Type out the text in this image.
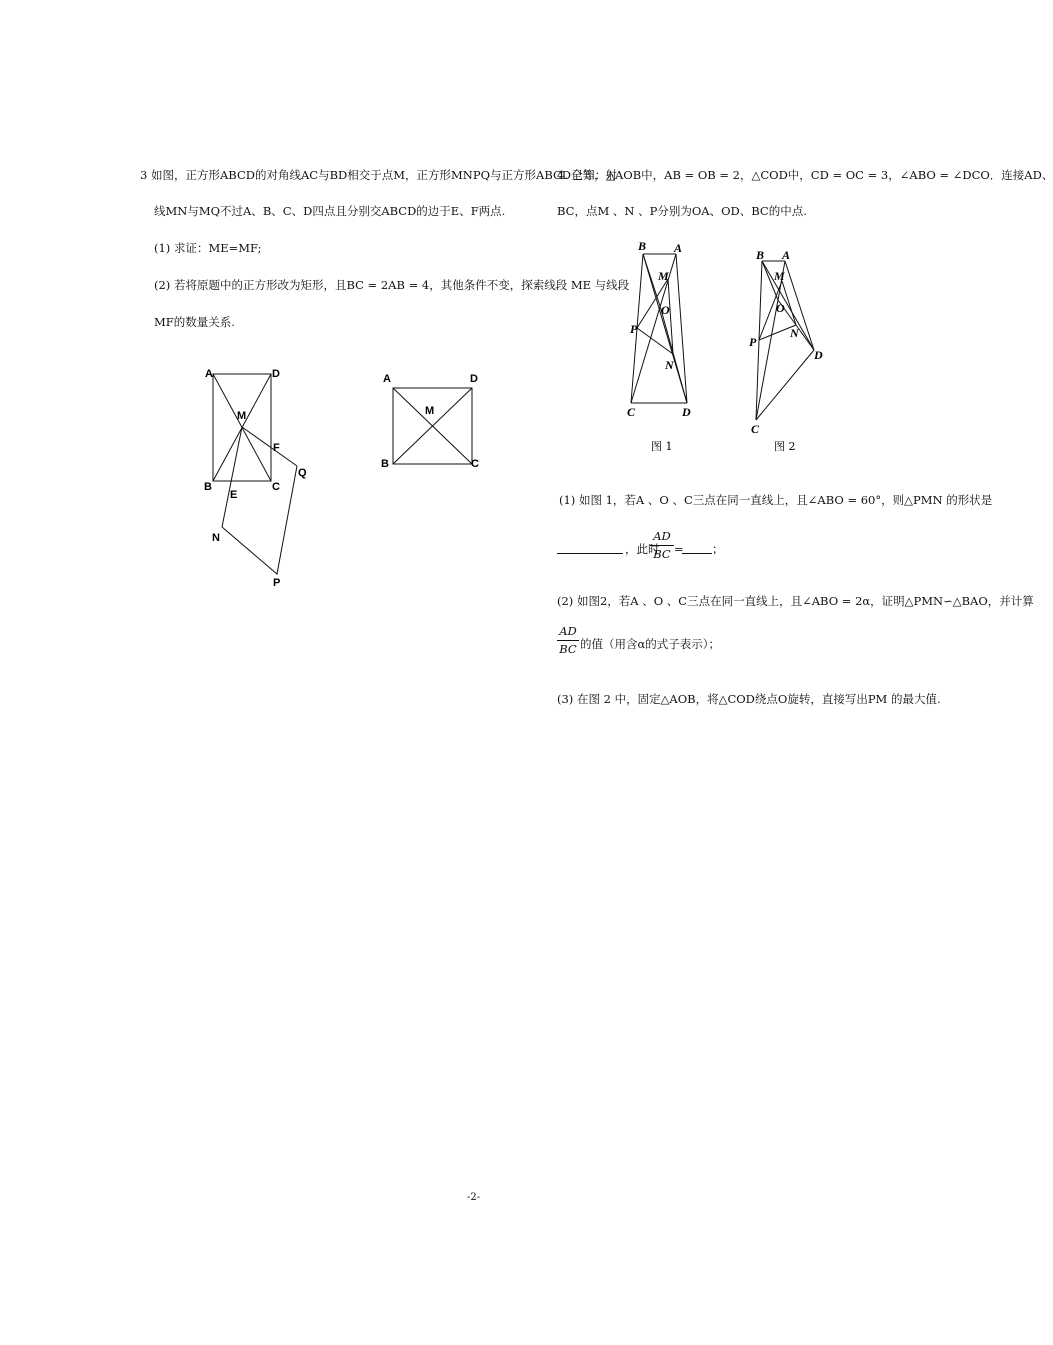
3 如图，正方形ABCD的对角线AC与BD相交于点M，正方形MNPQ与正方形ABCD全等，射
线MN与MQ不过A、B、C、D四点且分别交ABCD的边于E、F两点.
(1) 求证：ME=MF;
(2) 若将原题中的正方形改为矩形，且BC = 2AB = 4，其他条件不变，探索线段 ME 与线段
MF的数量关系.
A	D
M
F
Q
B	C
E
N
P
A	D
M
B	C
B A
M
O
P
N
C	D
B A
M
O
P
N
D
C
图 1	图 2
4. 已知：△AOB中，AB = OB = 2，△COD中，CD = OC = 3，∠ABO = ∠DCO．连接AD、
BC，点M 、N 、P分别为OA、OD、BC的中点.
(1) 如图 1，若A 、O 、C三点在同一直线上，且∠ABO = 60°，则△PMN 的形状是
，此时
AD
BC = ；
(2) 如图2，若A 、O 、C三点在同一直线上，且∠ABO = 2α，证明△PMN∽△BAO，并计算
AD
BC 的值（用含α的式子表示）；
(3) 在图 2 中，固定△AOB，将△COD绕点O旋转，直接写出PM 的最大值.
-2-
